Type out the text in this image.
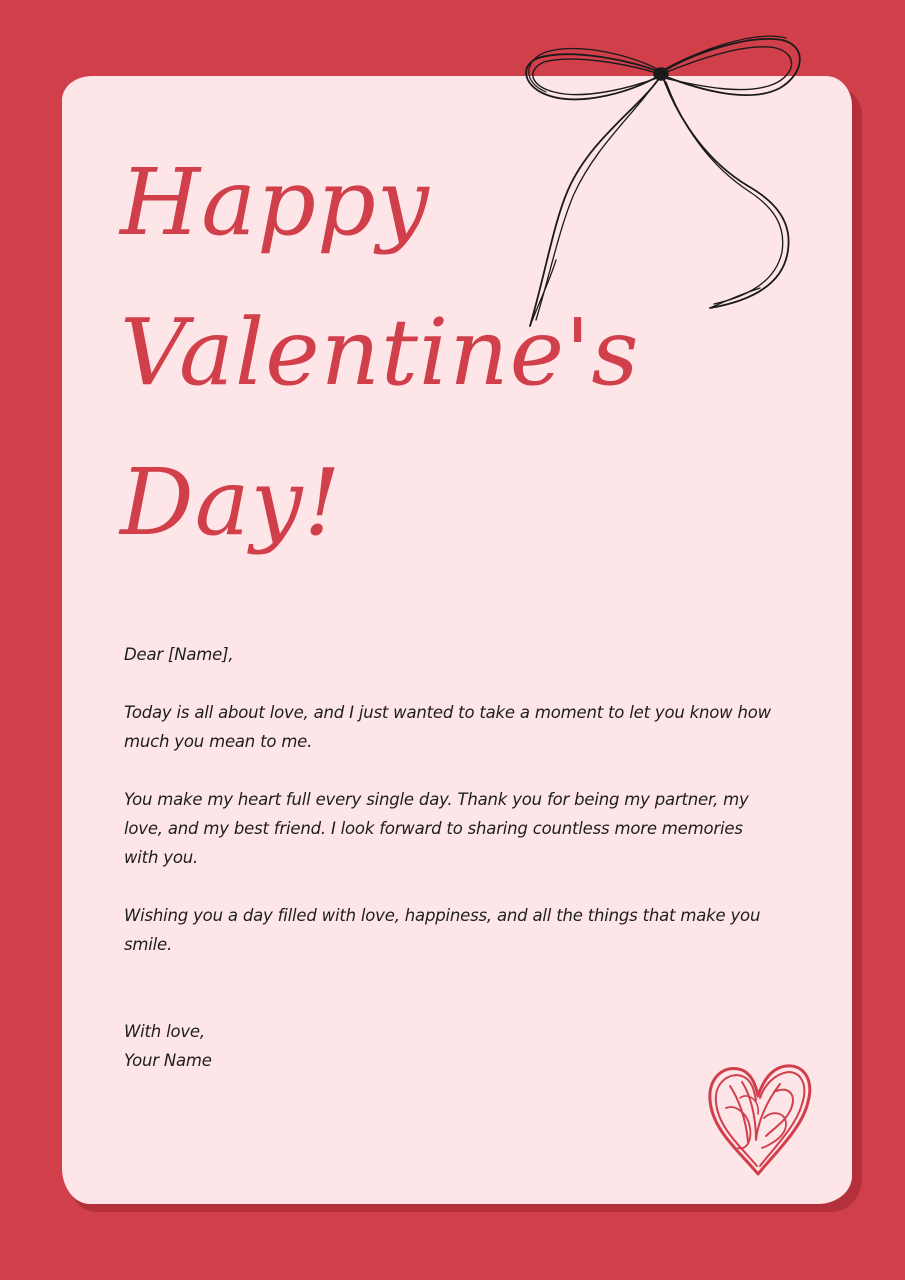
Happy
Valentine's
Day!

Dear [Name],

Today is all about love, and I just wanted to take a moment to let you know how much you mean to me.

You make my heart full every single day. Thank you for being my partner, my love, and my best friend. I look forward to sharing countless more memories with you.

Wishing you a day filled with love, happiness, and all the things that make you smile.

With love,
Your Name
